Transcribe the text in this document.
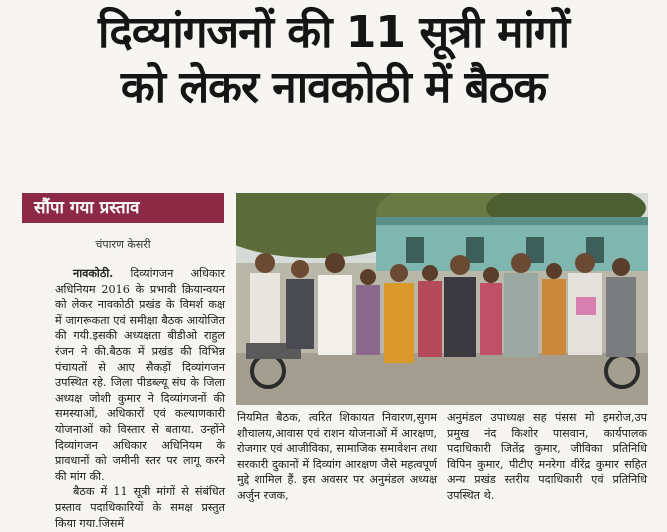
दिव्यांगजनों की 11 सूत्री मांगों
को लेकर नावकोठी में बैठक
सौंपा गया प्रस्ताव
चंपारण केसरी

नावकोठी. दिव्यांगजन अधिकार अधिनियम 2016 के प्रभावी क्रियान्वयन को लेकर नावकोठी प्रखंड के विमर्श कक्ष में जागरूकता एवं समीक्षा बैठक आयोजित की गयी.इसकी अध्यक्षता बीडीओ राहुल रंजन ने की.बैठक में प्रखंड की विभिन्न पंचायतों से आए सैकड़ों दिव्यांगजन उपस्थित रहे. जिला पीडब्ल्यू संघ के जिला अध्यक्ष जोशी कुमार ने दिव्यांगजनों की समस्याओं, अधिकारों एवं कल्याणकारी योजनाओं को विस्तार से बताया. उन्होंने दिव्यांगजन अधिकार अधिनियम के प्रावधानों को जमीनी स्तर पर लागू करने की मांग की.

बैठक में 11 सूत्री मांगों से संबंधित प्रस्ताव पदाधिकारियों के समक्ष प्रस्तुत किया गया.जिसमें

नियमित बैठक, त्वरित शिकायत निवारण,सुगम शौचालय,आवास एवं राशन योजनाओं में आरक्षण, रोजगार एवं आजीविका, सामाजिक समावेशन तथा सरकारी दुकानों में दिव्यांग आरक्षण जैसे महत्वपूर्ण मुद्दे शामिल हैं. इस अवसर पर अनुमंडल अध्यक्ष अर्जुन रजक,

अनुमंडल उपाध्यक्ष सह पंसस मो इमरोज,उप प्रमुख नंद किशोर पासवान, कार्यपालक पदाधिकारी जितेंद्र कुमार, जीविका प्रतिनिधि विपिन कुमार, पीटीए मनरेगा वीरेंद्र कुमार सहित अन्य प्रखंड स्तरीय पदाधिकारी एवं प्रतिनिधि उपस्थित थे.
